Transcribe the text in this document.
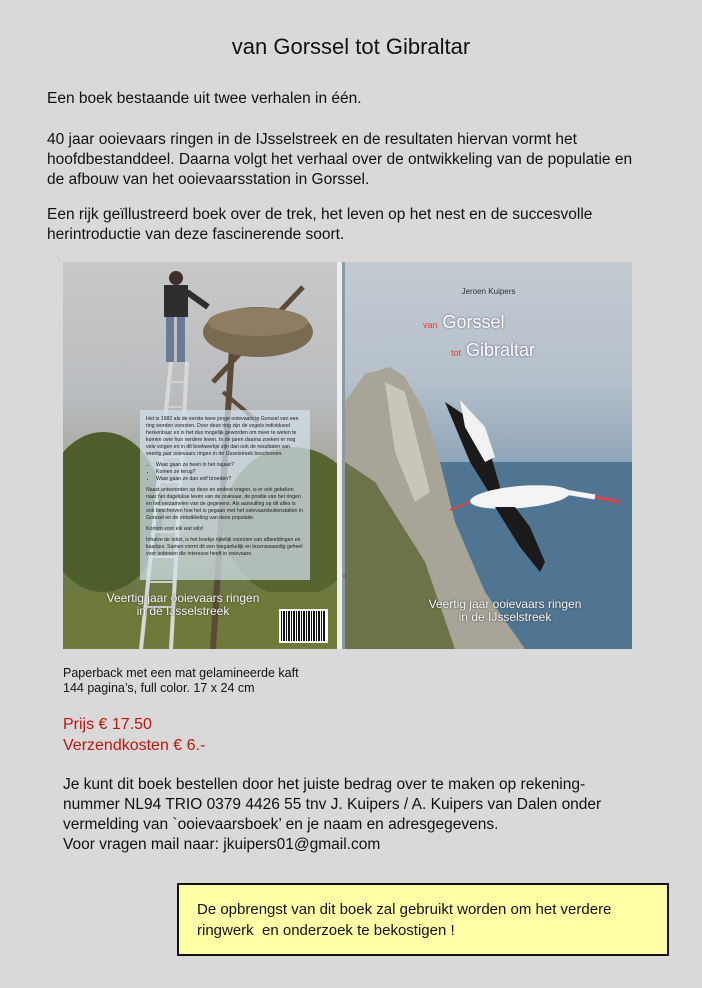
van Gorssel tot Gibraltar

Een boek bestaande uit twee verhalen in één.

40 jaar ooievaars ringen in de IJsselstreek en de resultaten hiervan vormt het hoofdbestanddeel. Daarna volgt het verhaal over de ontwikkeling van de populatie en de afbouw van het ooievaarsstation in Gorssel.

Een rijk geïllustreerd boek over de trek, het leven op het nest en de succesvolle herintroductie van deze fascinerende soort.

Het is 1982 als de eerste twee jonge ooievaars in Gorssel van een ring worden voorzien. Door deze ring zijn de vogels individueel herkenbaar en is het dus mogelijk geworden om meer te weten te komen over hun verdere leven. In de jaren daarna zoeken er nog vele volgen en in dit boekwerkje zijn dan ook de resultaten van veertig jaar ooievaars ringen in de IJsselstreek beschreven.

• Waar gaan ze heen in het najaar?
• Komen ze terug?
• Waar gaan ze dan zelf broeden?

Naast antwoorden op deze en andere vragen, is er ook gekeken naar het dagelijkse leven van de ooievaar, de positie van het ringen en het verzamelen van de gegevens. Als aanvulling op dit alles is ook beschreven hoe het is gegaan met het ooievaarsbuitenstation in Gorssel en de ontwikkeling van deze populatie.

Kortom voor elk wat wils!

Inhalve de tekst, is het boekje rijkelijk voorzien van afbeeldingen en kaartjes. Samen vormt dit een toegankelijk en lezenswaardig geheel voor iedereen die interesse heeft in ooievaars.

Veertig jaar ooievaars ringen
in de IJsselstreek
Jeroen Kuipers
van Gorssel
tot Gibraltar
Veertig jaar ooievaars ringen
in de IJsselstreek
Paperback met een mat gelamineerde kaft
144 pagina’s, full color. 17 x 24 cm
Prijs € 17.50
Verzendkosten € 6.-
Je kunt dit boek bestellen door het juiste bedrag over te maken op rekening-
nummer NL94 TRIO 0379 4426 55 tnv J. Kuipers / A. Kuipers van Dalen onder
vermelding van `ooievaarsboek’ en je naam en adresgegevens.
Voor vragen mail naar: jkuipers01@gmail.com
De opbrengst van dit boek zal gebruikt worden om het verdere
ringwerk  en onderzoek te bekostigen !
